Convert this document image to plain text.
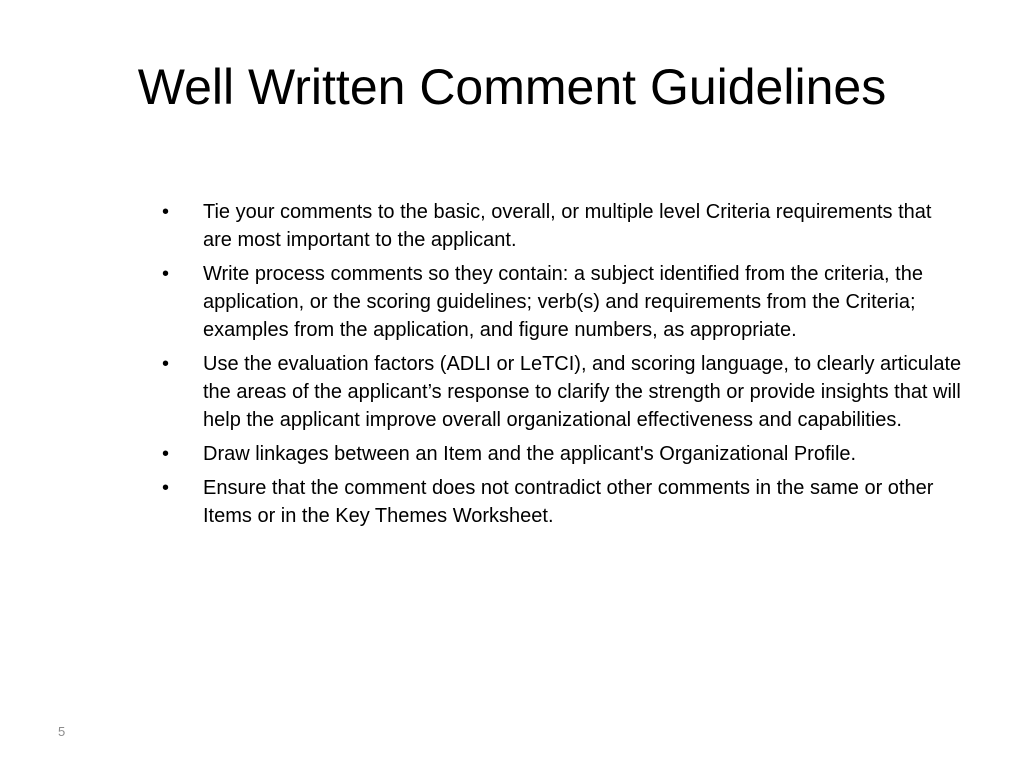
Well Written Comment Guidelines
• Tie your comments to the basic, overall, or multiple level Criteria requirements that are most important to the applicant.
• Write process comments so they contain: a subject identified from the criteria, the application, or the scoring guidelines; verb(s) and requirements from the Criteria; examples from the application, and figure numbers, as appropriate.
• Use the evaluation factors (ADLI or LeTCI), and scoring language, to clearly articulate the areas of the applicant’s response to clarify the strength or provide insights that will help the applicant improve overall organizational effectiveness and capabilities.
• Draw linkages between an Item and the applicant's Organizational Profile.
• Ensure that the comment does not contradict other comments in the same or other Items or in the Key Themes Worksheet.
5
